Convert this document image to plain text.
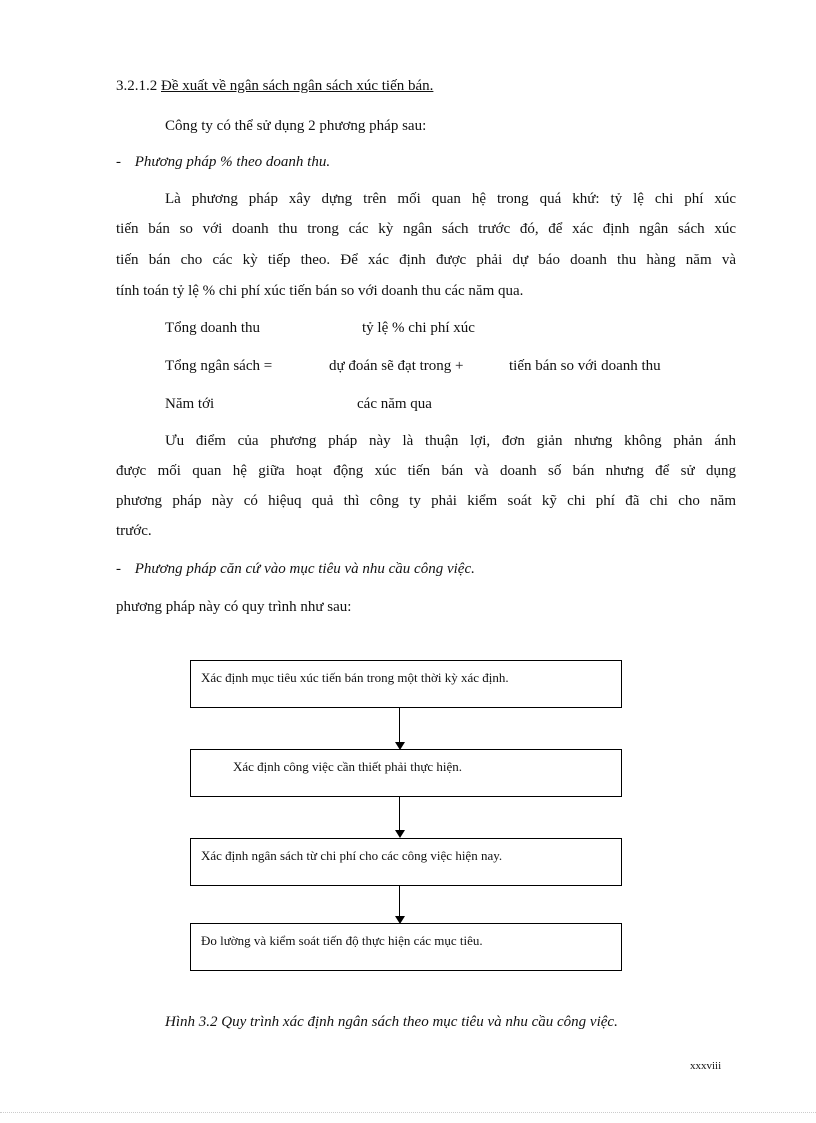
3.2.1.2 Đề xuất về ngân sách ngân sách xúc tiến bán.
Công ty có thể sử dụng 2 phương pháp sau:
- Phương pháp % theo doanh thu.
Là phương pháp xây dựng trên mối quan hệ trong quá khứ: tỷ lệ chi phí xúc
tiến bán so với doanh thu trong các kỳ ngân sách trước đó, để xác định ngân sách xúc
tiến bán cho các kỳ tiếp theo. Để xác định được phải dự báo doanh thu hàng năm và
tính toán tỷ lệ % chi phí xúc tiến bán so với doanh thu các năm qua.
Tổng doanh thu	tỷ lệ % chi phí xúc
Tổng ngân sách =	dự đoán sẽ đạt trong +	tiến bán so với doanh thu
Năm tới	các năm qua
Ưu điểm của phương pháp này là thuận lợi, đơn giản nhưng không phản ánh
được mối quan hệ giữa hoạt động xúc tiến bán và doanh số bán nhưng để sử dụng
phương pháp này có hiệuq quả thì công ty phải kiểm soát kỹ chi phí đã chi cho năm
trước.
- Phương pháp căn cứ vào mục tiêu và nhu cầu công việc.
phương pháp này có quy trình như sau:
Xác định mục tiêu xúc tiến bán trong một thời kỳ xác định.
Xác định công việc cần thiết phải thực hiện.
Xác định ngân sách từ chi phí cho các công việc hiện nay.
Đo lường và kiểm soát tiến độ thực hiện các mục tiêu.
Hình 3.2 Quy trình xác định ngân sách theo mục tiêu và nhu cầu công việc.
xxxviii
